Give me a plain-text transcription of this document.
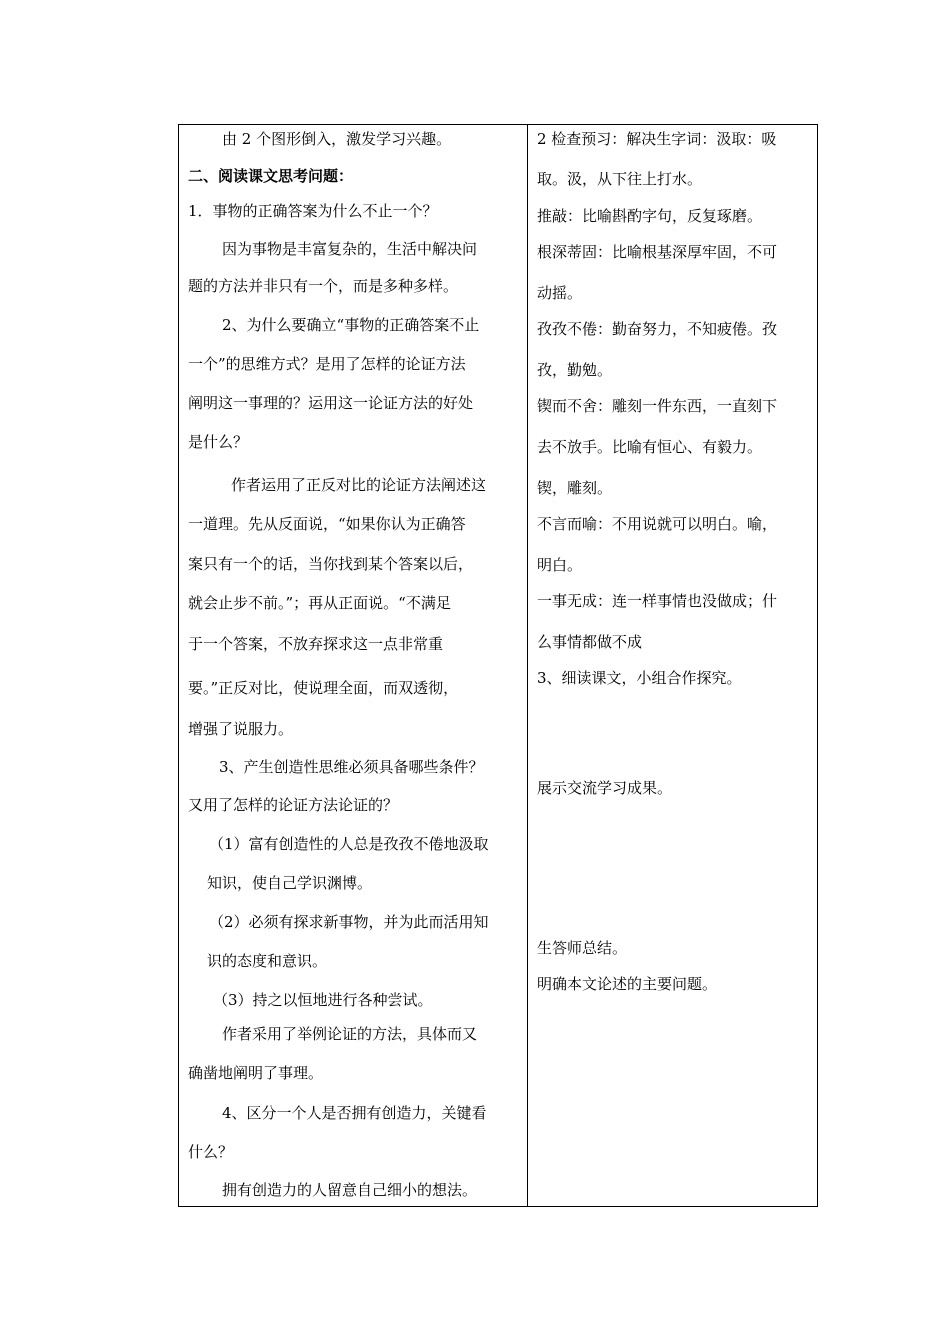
由 2 个图形倒入，激发学习兴趣。
二、阅读课文思考问题：
1．事物的正确答案为什么不止一个？
因为事物是丰富复杂的，生活中解决问
题的方法并非只有一个，而是多种多样。
2、为什么要确立“事物的正确答案不止
一个”的思维方式？是用了怎样的论证方法
阐明这一事理的？运用这一论证方法的好处
是什么？
作者运用了正反对比的论证方法阐述这
一道理。先从反面说，“如果你认为正确答
案只有一个的话，当你找到某个答案以后，
就会止步不前。”；再从正面说。“不满足
于一个答案，不放弃探求这一点非常重
要。”正反对比，使说理全面，而双透彻，
增强了说服力。
3、产生创造性思维必须具备哪些条件？
又用了怎样的论证方法论证的？
（1）富有创造性的人总是孜孜不倦地汲取
知识，使自己学识渊博。
（2）必须有探求新事物，并为此而活用知
识的态度和意识。
（3）持之以恒地进行各种尝试。
作者采用了举例论证的方法，具体而又
确凿地阐明了事理。
4、区分一个人是否拥有创造力，关键看
什么？
拥有创造力的人留意自己细小的想法。
2 检查预习：解决生字词：汲取：吸
取。汲，从下往上打水。
推敲：比喻斟酌字句，反复琢磨。
根深蒂固：比喻根基深厚牢固，不可
动摇。
孜孜不倦：勤奋努力，不知疲倦。孜
孜，勤勉。
锲而不舍：雕刻一件东西，一直刻下
去不放手。比喻有恒心、有毅力。
锲，雕刻。
不言而喻：不用说就可以明白。喻，
明白。
一事无成：连一样事情也没做成；什
么事情都做不成
3、细读课文，小组合作探究。
展示交流学习成果。
生答师总结。
明确本文论述的主要问题。
